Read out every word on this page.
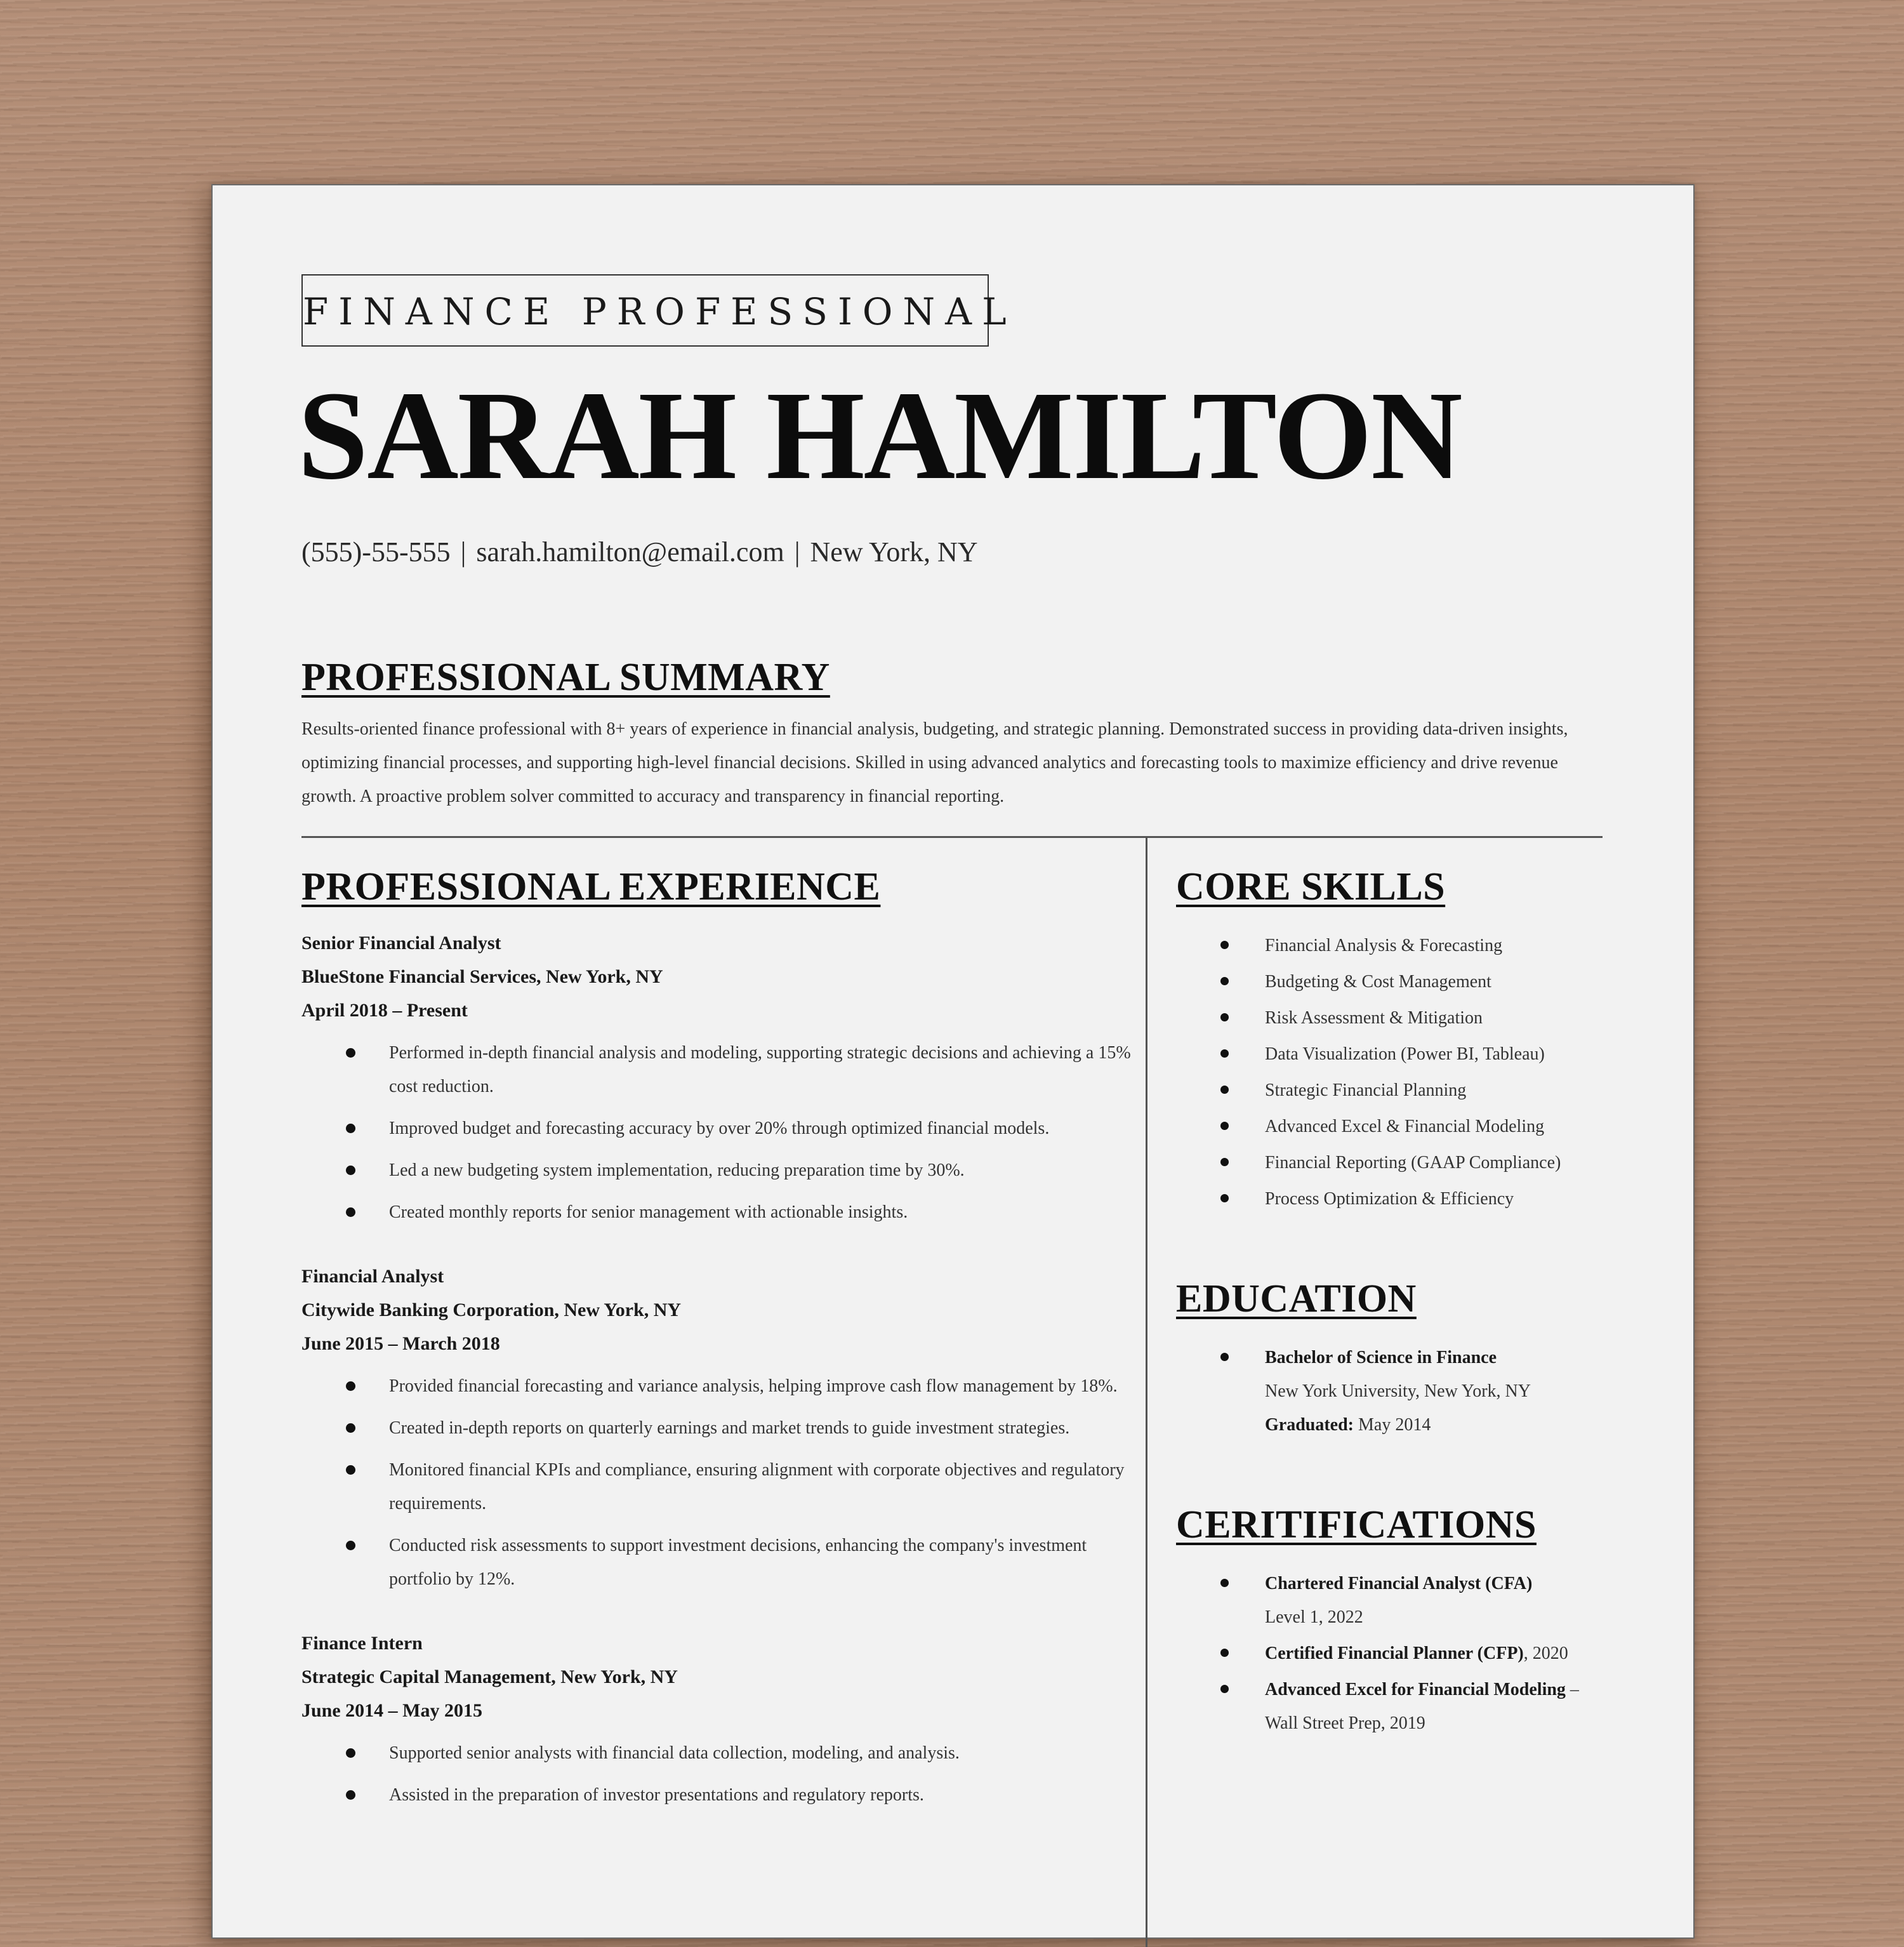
FINANCE PROFESSIONAL
SARAH HAMILTON
(555)-55-555 | sarah.hamilton@email.com | New York, NY
PROFESSIONAL SUMMARY

Results-oriented finance professional with 8+ years of experience in financial analysis, budgeting, and strategic planning. Demonstrated success in providing data-driven insights, optimizing financial processes, and supporting high-level financial decisions. Skilled in using advanced analytics and forecasting tools to maximize efficiency and drive revenue growth. A proactive problem solver committed to accuracy and transparency in financial reporting.

PROFESSIONAL EXPERIENCE
Senior Financial Analyst
BlueStone Financial Services, New York, NY
April 2018 – Present
Performed in-depth financial analysis and modeling, supporting strategic decisions and achieving a 15% cost reduction.
Improved budget and forecasting accuracy by over 20% through optimized financial models.
Led a new budgeting system implementation, reducing preparation time by 30%.
Created monthly reports for senior management with actionable insights.
Financial Analyst
Citywide Banking Corporation, New York, NY
June 2015 – March 2018
Provided financial forecasting and variance analysis, helping improve cash flow management by 18%.
Created in-depth reports on quarterly earnings and market trends to guide investment strategies.
Monitored financial KPIs and compliance, ensuring alignment with corporate objectives and regulatory requirements.
Conducted risk assessments to support investment decisions, enhancing the company's investment portfolio by 12%.
Finance Intern
Strategic Capital Management, New York, NY
June 2014 – May 2015
Supported senior analysts with financial data collection, modeling, and analysis.
Assisted in the preparation of investor presentations and regulatory reports.
CORE SKILLS
Financial Analysis & Forecasting
Budgeting & Cost Management
Risk Assessment & Mitigation
Data Visualization (Power BI, Tableau)
Strategic Financial Planning
Advanced Excel & Financial Modeling
Financial Reporting (GAAP Compliance)
Process Optimization & Efficiency
EDUCATION
Bachelor of Science in Finance
New York University, New York, NY
Graduated: May 2014
CERITIFICATIONS
Chartered Financial Analyst (CFA)
Level 1, 2022
Certified Financial Planner (CFP), 2020
Advanced Excel for Financial Modeling – Wall Street Prep, 2019
